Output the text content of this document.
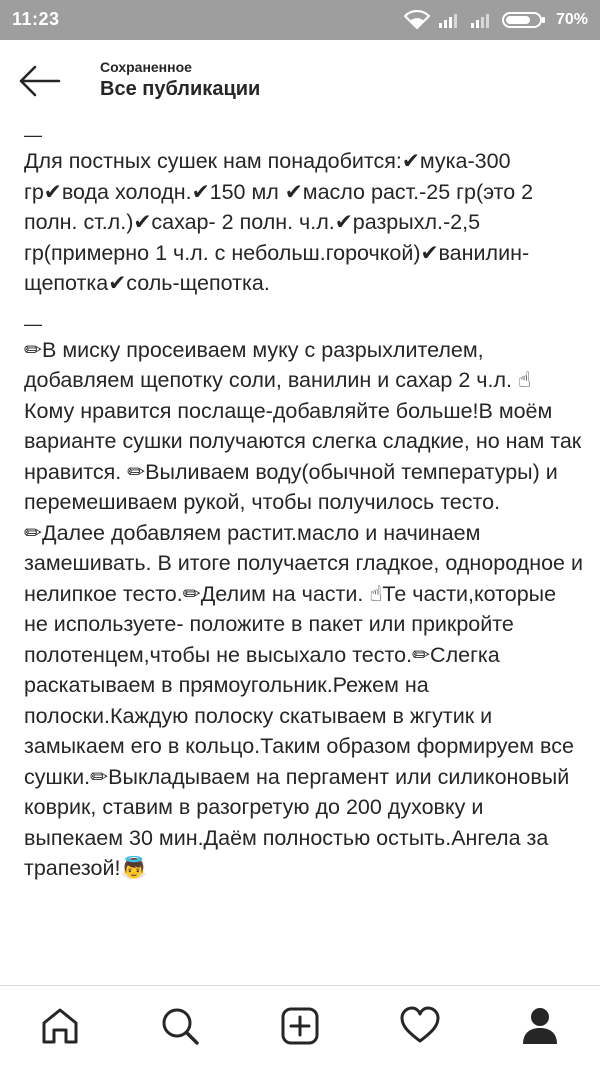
11:23	70%
Сохраненное
Все публикации

—

Для постных сушек нам понадобится:✔мука-300 гр✔вода холодн.✔150 мл ✔масло раст.-25 гр(это 2 полн. ст.л.)✔сахар- 2 полн. ч.л.✔разрыхл.-2,5 гр(примерно 1 ч.л. с небольш.горочкой)✔ванилин-щепотка✔соль-щепотка.

—

✏В миску просеиваем муку с разрыхлителем, добавляем щепотку соли, ванилин и сахар 2 ч.л. ☝ Кому нравится послаще-добавляйте больше!В моём варианте сушки получаются слегка сладкие, но нам так нравится. ✏Выливаем воду(обычной температуры) и перемешиваем рукой, чтобы получилось тесто. ✏Далее добавляем растит.масло и начинаем замешивать. В итоге получается гладкое, однородное и нелипкое тесто.✏Делим на части. ☝Те части,которые не используете- положите в пакет или прикройте полотенцем,чтобы не высыхало тесто.✏Слегка раскатываем в прямоугольник.Режем на полоски.Каждую полоску скатываем в жгутик и замыкаем его в кольцо.Таким образом формируем все сушки.✏Выкладываем на пергамент или силиконовый коврик, ставим в разогретую до 200 духовку и выпекаем 30 мин.Даём полностью остыть.Ангела за трапезой!👼
